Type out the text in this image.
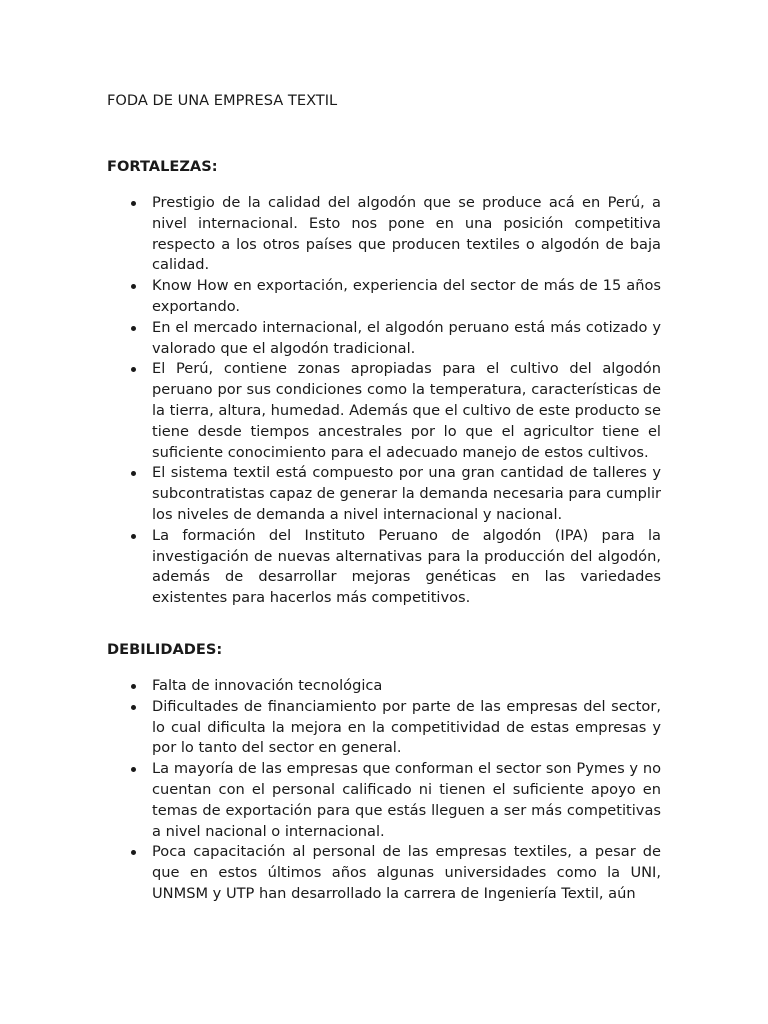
FODA DE UNA EMPRESA TEXTIL
FORTALEZAS:
Prestigio de la calidad del algodón que se produce acá en Perú, a nivel internacional. Esto nos pone en una posición competitiva respecto a los otros países que producen textiles o algodón de baja calidad.
Know How en exportación, experiencia del sector de más de 15 años exportando.
En el mercado internacional, el algodón peruano está más cotizado y valorado que el algodón tradicional.
El Perú, contiene zonas apropiadas para el cultivo del algodón peruano por sus condiciones como la temperatura, características de la tierra, altura, humedad. Además que el cultivo de este producto se tiene desde tiempos ancestrales por lo que el agricultor tiene el suficiente conocimiento para el adecuado manejo de estos cultivos.
El sistema textil está compuesto por una gran cantidad de talleres y subcontratistas capaz de generar la demanda necesaria para cumplir los niveles de demanda a nivel internacional y nacional.
La formación del Instituto Peruano de algodón (IPA) para la investigación de nuevas alternativas para la producción del algodón, además de desarrollar mejoras genéticas en las variedades existentes para hacerlos más competitivos.
DEBILIDADES:
Falta de innovación tecnológica
Dificultades de financiamiento por parte de las empresas del sector, lo cual dificulta la mejora en la competitividad de estas empresas y por lo tanto del sector en general.
La mayoría de las empresas que conforman el sector son Pymes y no cuentan con el personal calificado ni tienen el suficiente apoyo en temas de exportación para que estás lleguen a ser más competitivas a nivel nacional o internacional.
Poca capacitación al personal de las empresas textiles, a pesar de que en estos últimos años algunas universidades como la UNI, UNMSM y UTP han desarrollado la carrera de Ingeniería Textil, aún
